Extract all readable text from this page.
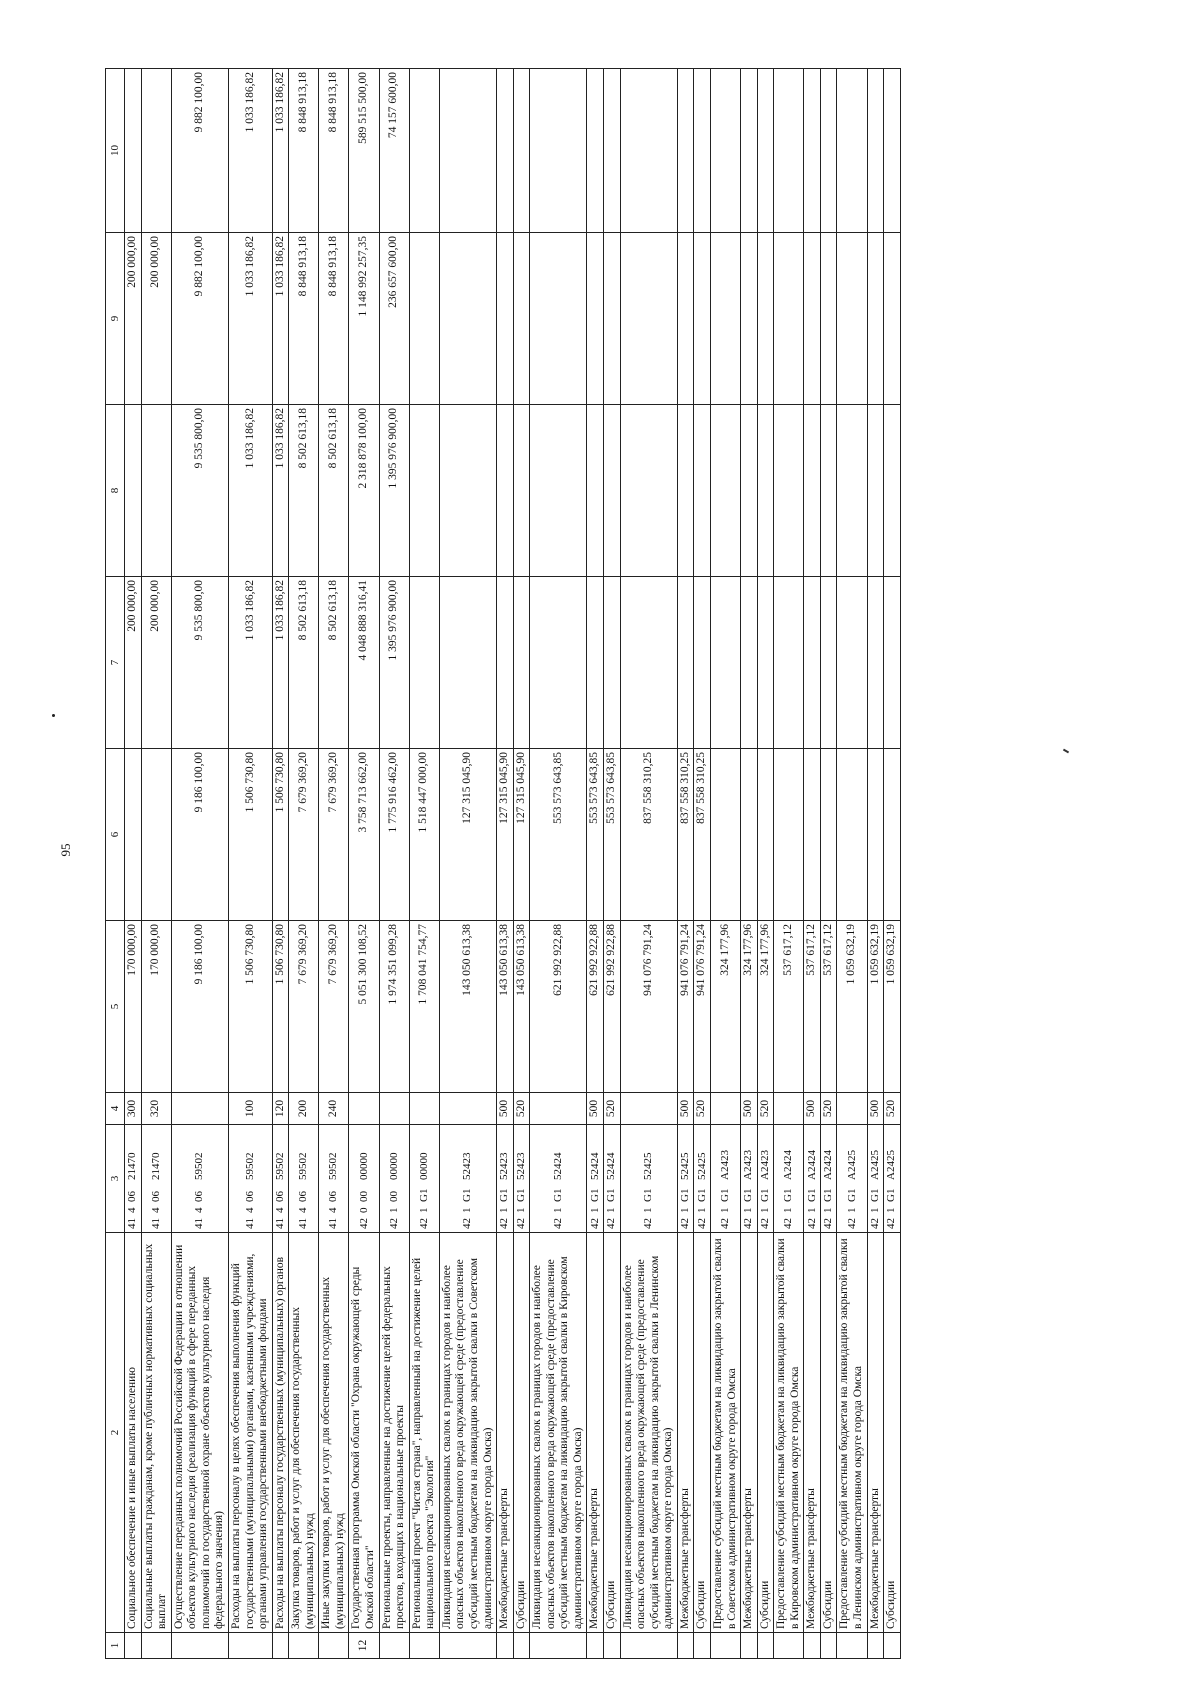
95
1	2	3	4	5	6	7	8	9	10
	Социальное обеспечение и иные выплаты населению	4140621470	300	170 000,00		200 000,00		200 000,00	
	Социальные выплаты гражданам, кроме публичных нормативных социальных выплат	4140621470	320	170 000,00		200 000,00		200 000,00	
	Осуществление переданных полномочий Российской Федерации в отношении объектов культурного наследия (реализация функций в сфере переданных полномочий по государственной охране объектов культурного наследия федерального значения)	4140659502		9 186 100,00	9 186 100,00	9 535 800,00	9 535 800,00	9 882 100,00	9 882 100,00
	Расходы на выплаты персоналу в целях обеспечения выполнения функций государственными (муниципальными) органами, казенными учреждениями, органами управления государственными внебюджетными фондами	4140659502	100	1 506 730,80	1 506 730,80	1 033 186,82	1 033 186,82	1 033 186,82	1 033 186,82
	Расходы на выплаты персоналу государственных (муниципальных) органов	4140659502	120	1 506 730,80	1 506 730,80	1 033 186,82	1 033 186,82	1 033 186,82	1 033 186,82
	Закупка товаров, работ и услуг для обеспечения государственных (муниципальных) нужд	4140659502	200	7 679 369,20	7 679 369,20	8 502 613,18	8 502 613,18	8 848 913,18	8 848 913,18
	Иные закупки товаров, работ и услуг для обеспечения государственных (муниципальных) нужд	4140659502	240	7 679 369,20	7 679 369,20	8 502 613,18	8 502 613,18	8 848 913,18	8 848 913,18
12	Государственная программа Омской области "Охрана окружающей среды Омской области"	4200000000		5 051 300 108,52	3 758 713 662,00	4 048 888 316,41	2 318 878 100,00	1 148 992 257,35	589 515 500,00
	Региональные проекты, направленные на достижение целей федеральных проектов, входящих в национальные проекты	4210000000		1 974 351 099,28	1 775 916 462,00	1 395 976 900,00	1 395 976 900,00	236 657 600,00	74 157 600,00
	Региональный проект "Чистая страна", направленный на достижение целей национального проекта "Экология"	421G100000		1 708 041 754,77	1 518 447 000,00				
	Ликвидация несанкционированных свалок в границах городов и наиболее опасных объектов накопленного вреда окружающей среде (предоставление субсидий местным бюджетам на ликвидацию закрытой свалки в Советском административном округе города Омска)	421G152423		143 050 613,38	127 315 045,90				
	Межбюджетные трансферты	421G152423	500	143 050 613,38	127 315 045,90				
	Субсидии	421G152423	520	143 050 613,38	127 315 045,90				
	Ликвидация несанкционированных свалок в границах городов и наиболее опасных объектов накопленного вреда окружающей среде (предоставление субсидий местным бюджетам на ликвидацию закрытой свалки в Кировском административном округе города Омска)	421G152424		621 992 922,88	553 573 643,85				
	Межбюджетные трансферты	421G152424	500	621 992 922,88	553 573 643,85				
	Субсидии	421G152424	520	621 992 922,88	553 573 643,85				
	Ликвидация несанкционированных свалок в границах городов и наиболее опасных объектов накопленного вреда окружающей среде (предоставление субсидий местным бюджетам на ликвидацию закрытой свалки в Ленинском административном округе города Омска)	421G152425		941 076 791,24	837 558 310,25				
	Межбюджетные трансферты	421G152425	500	941 076 791,24	837 558 310,25				
	Субсидии	421G152425	520	941 076 791,24	837 558 310,25				
	Предоставление субсидий местным бюджетам на ликвидацию закрытой свалки в Советском административном округе города Омска	421G1A2423		324 177,96					
	Межбюджетные трансферты	421G1A2423	500	324 177,96					
	Субсидии	421G1A2423	520	324 177,96					
	Предоставление субсидий местным бюджетам на ликвидацию закрытой свалки в Кировском административном округе города Омска	421G1A2424		537 617,12					
	Межбюджетные трансферты	421G1A2424	500	537 617,12					
	Субсидии	421G1A2424	520	537 617,12					
	Предоставление субсидий местным бюджетам на ликвидацию закрытой свалки в Ленинском административном округе города Омска	421G1A2425		1 059 632,19					
	Межбюджетные трансферты	421G1A2425	500	1 059 632,19					
	Субсидии	421G1A2425	520	1 059 632,19					
